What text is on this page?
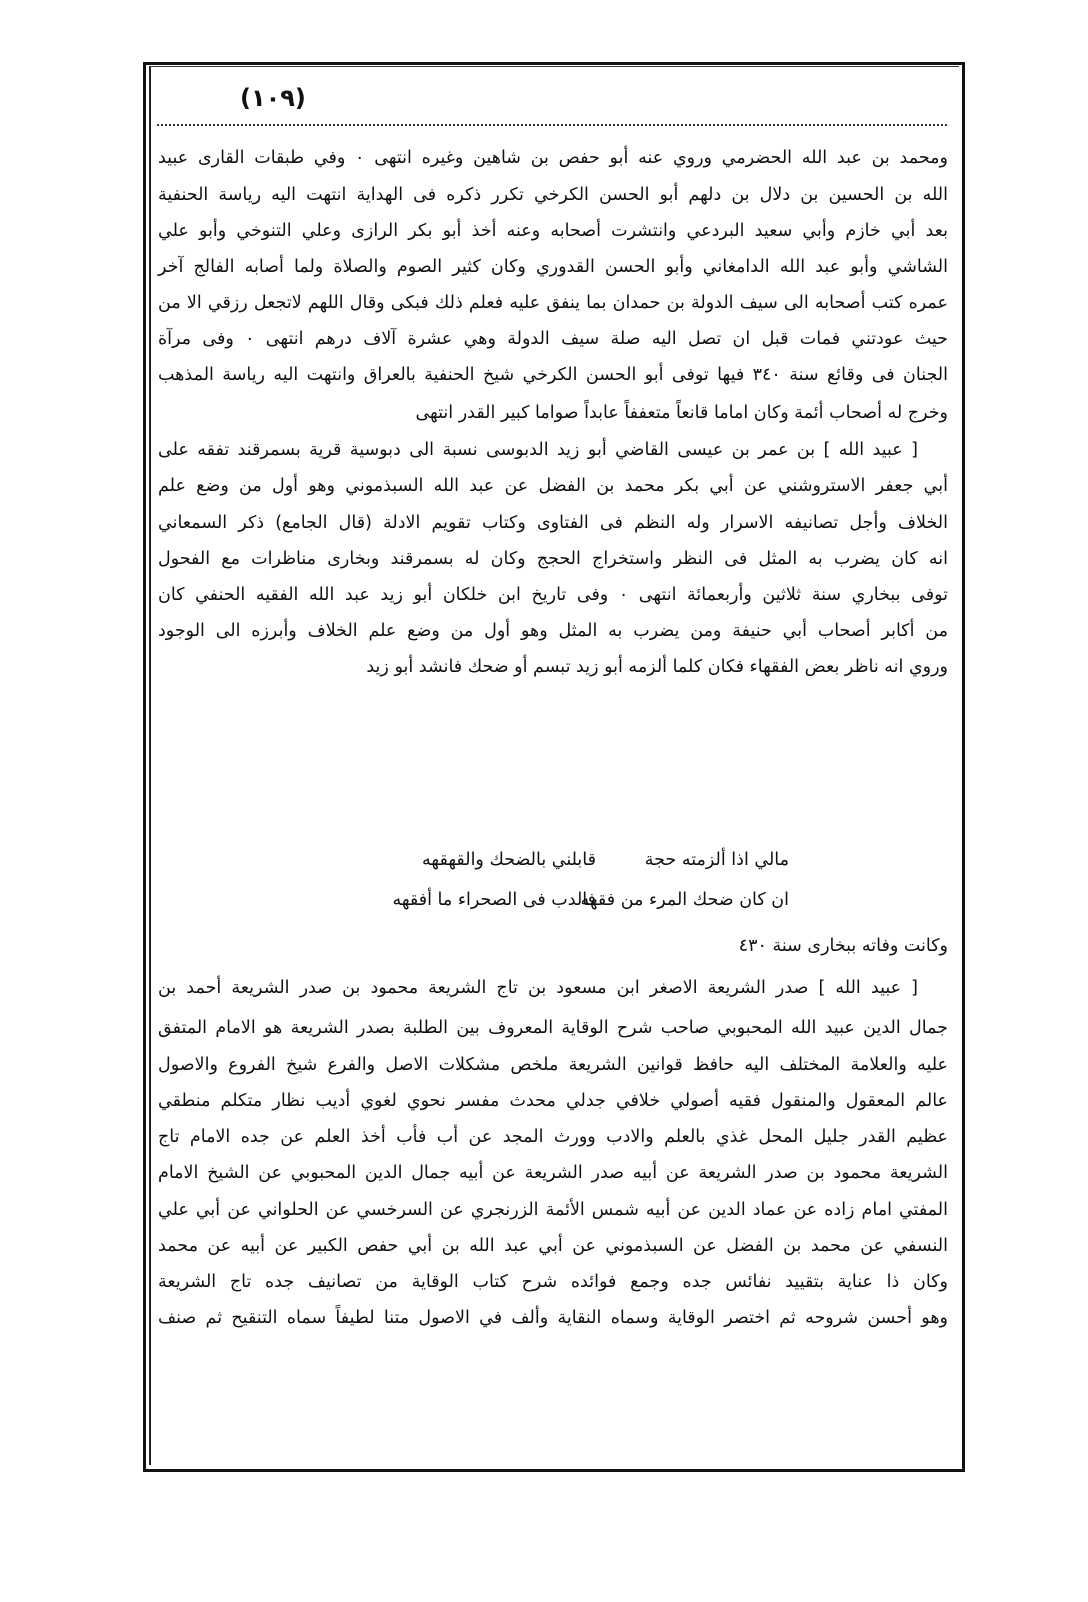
(١٠٩)
ومحمد بن عبد الله الحضرمي وروي عنه أبو حفص بن شاهين وغيره انتهى ٠ وفي طبقات القارى عبيد
الله بن الحسين بن دلال بن دلهم أبو الحسن الكرخي تكرر ذكره فى الهداية انتهت اليه رياسة الحنفية
بعد أبي خازم وأبي سعيد البردعي وانتشرت أصحابه وعنه أخذ أبو بكر الرازى وعلي التنوخي وأبو علي
الشاشي وأبو عبد الله الدامغاني وأبو الحسن القدوري وكان كثير الصوم والصلاة ولما أصابه الفالج آخر
عمره كتب أصحابه الى سيف الدولة بن حمدان بما ينفق عليه فعلم ذلك فبكى وقال اللهم لاتجعل رزقي الا من
حيث عودتني فمات قبل ان تصل اليه صلة سيف الدولة وهي عشرة آلاف درهم انتهى ٠ وفى مرآة
الجنان فى وقائع سنة ٣٤٠ فيها توفى أبو الحسن الكرخي شيخ الحنفية بالعراق وانتهت اليه رياسة المذهب
وخرج له أصحاب أئمة وكان اماما قانعاً متعففاً عابداً صواما كبير القدر انتهى
[ عبيد الله ] بن عمر بن عيسى القاضي أبو زيد الدبوسى نسبة الى دبوسية قرية بسمرقند تفقه على
أبي جعفر الاستروشني عن أبي بكر محمد بن الفضل عن عبد الله السبذموني وهو أول من وضع علم
الخلاف وأجل تصانيفه الاسرار وله النظم فى الفتاوى وكتاب تقويم الادلة (قال الجامع) ذكر السمعاني
انه كان يضرب به المثل فى النظر واستخراج الحجج وكان له بسمرقند وبخارى مناظرات مع الفحول
توفى ببخاري سنة ثلاثين وأربعمائة انتهى ٠ وفى تاريخ ابن خلكان أبو زيد عبد الله الفقيه الحنفي كان
من أكابر أصحاب أبي حنيفة ومن يضرب به المثل وهو أول من وضع علم الخلاف وأبرزه الى الوجود
وروي انه ناظر بعض الفقهاء فكان كلما ألزمه أبو زيد تبسم أو ضحك فانشد أبو زيد
مالي اذا ألزمته حجة
قابلني بالضحك والقهقهه
ان كان ضحك المرء من فقهه
فالدب فى الصحراء ما أفقهه
وكانت وفاته ببخارى سنة ٤٣٠
[ عبيد الله ] صدر الشريعة الاصغر ابن مسعود بن تاج الشريعة محمود بن صدر الشريعة أحمد بن
جمال الدين عبيد الله المحبوبي صاحب شرح الوقاية المعروف بين الطلبة بصدر الشريعة هو الامام المتفق
عليه والعلامة المختلف اليه حافظ قوانين الشريعة ملخص مشكلات الاصل والفرع شيخ الفروع والاصول
عالم المعقول والمنقول فقيه أصولي خلافي جدلي محدث مفسر نحوي لغوي أديب نظار متكلم منطقي
عظيم القدر جليل المحل غذي بالعلم والادب وورث المجد عن أب فأب أخذ العلم عن جده الامام تاج
الشريعة محمود بن صدر الشريعة عن أبيه صدر الشريعة عن أبيه جمال الدين المحبوبي عن الشيخ الامام
المفتي امام زاده عن عماد الدين عن أبيه شمس الأئمة الزرنجري عن السرخسي عن الحلواني عن أبي علي
النسفي عن محمد بن الفضل عن السبذموني عن أبي عبد الله بن أبي حفص الكبير عن أبيه عن محمد
وكان ذا عناية بتقييد نفائس جده وجمع فوائده شرح كتاب الوقاية من تصانيف جده تاج الشريعة
وهو أحسن شروحه ثم اختصر الوقاية وسماه النقاية وألف في الاصول متنا لطيفاً سماه التنقيح ثم صنف
